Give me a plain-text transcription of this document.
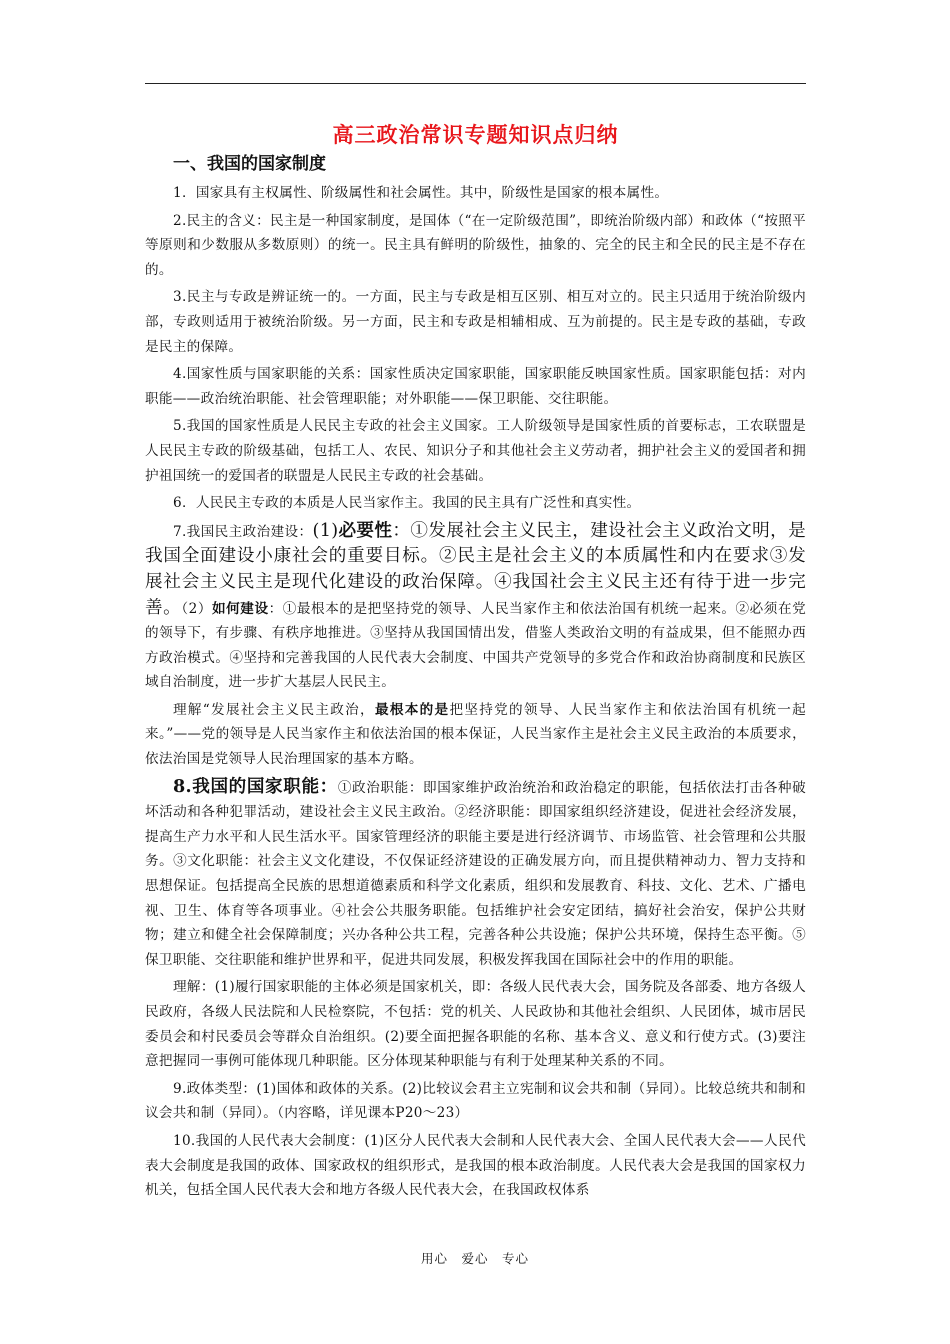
高三政治常识专题知识点归纳
一、我国的国家制度

1．国家具有主权属性、阶级属性和社会属性。其中，阶级性是国家的根本属性。

2.民主的含义：民主是一种国家制度，是国体（“在一定阶级范围”，即统治阶级内部）和政体（“按照平等原则和少数服从多数原则）的统一。民主具有鲜明的阶级性，抽象的、完全的民主和全民的民主是不存在的。

3.民主与专政是辨证统一的。一方面，民主与专政是相互区别、相互对立的。民主只适用于统治阶级内部，专政则适用于被统治阶级。另一方面，民主和专政是相辅相成、互为前提的。民主是专政的基础，专政是民主的保障。

4.国家性质与国家职能的关系：国家性质决定国家职能，国家职能反映国家性质。国家职能包括：对内职能——政治统治职能、社会管理职能；对外职能——保卫职能、交往职能。

5.我国的国家性质是人民民主专政的社会主义国家。工人阶级领导是国家性质的首要标志，工农联盟是人民民主专政的阶级基础，包括工人、农民、知识分子和其他社会主义劳动者，拥护社会主义的爱国者和拥护祖国统一的爱国者的联盟是人民民主专政的社会基础。

6．人民民主专政的本质是人民当家作主。我国的民主具有广泛性和真实性。

7.我国民主政治建设：(1)必要性：①发展社会主义民主，建设社会主义政治文明，是我国全面建设小康社会的重要目标。②民主是社会主义的本质属性和内在要求③发展社会主义民主是现代化建设的政治保障。④我国社会主义民主还有待于进一步完善。（2）如何建设：①最根本的是把坚持党的领导、人民当家作主和依法治国有机统一起来。②必须在党的领导下，有步骤、有秩序地推进。③坚持从我国国情出发，借鉴人类政治文明的有益成果，但不能照办西方政治模式。④坚持和完善我国的人民代表大会制度、中国共产党领导的多党合作和政治协商制度和民族区域自治制度，进一步扩大基层人民民主。

理解“发展社会主义民主政治，最根本的是把坚持党的领导、人民当家作主和依法治国有机统一起来。”——党的领导是人民当家作主和依法治国的根本保证，人民当家作主是社会主义民主政治的本质要求，依法治国是党领导人民治理国家的基本方略。

8.我国的国家职能：①政治职能：即国家维护政治统治和政治稳定的职能，包括依法打击各种破坏活动和各种犯罪活动，建设社会主义民主政治。②经济职能：即国家组织经济建设，促进社会经济发展，提高生产力水平和人民生活水平。国家管理经济的职能主要是进行经济调节、市场监管、社会管理和公共服务。③文化职能：社会主义文化建设，不仅保证经济建设的正确发展方向，而且提供精神动力、智力支持和思想保证。包括提高全民族的思想道德素质和科学文化素质，组织和发展教育、科技、文化、艺术、广播电视、卫生、体育等各项事业。④社会公共服务职能。包括维护社会安定团结，搞好社会治安，保护公共财物；建立和健全社会保障制度；兴办各种公共工程，完善各种公共设施；保护公共环境，保持生态平衡。⑤保卫职能、交往职能和维护世界和平，促进共同发展，积极发挥我国在国际社会中的作用的职能。

理解：(1)履行国家职能的主体必须是国家机关，即：各级人民代表大会，国务院及各部委、地方各级人民政府，各级人民法院和人民检察院，不包括：党的机关、人民政协和其他社会组织、人民团体，城市居民委员会和村民委员会等群众自治组织。(2)要全面把握各职能的名称、基本含义、意义和行使方式。(3)要注意把握同一事例可能体现几种职能。区分体现某种职能与有利于处理某种关系的不同。

9.政体类型：(1)国体和政体的关系。(2)比较议会君主立宪制和议会共和制（异同）。比较总统共和制和议会共和制（异同）。（内容略，详见课本P20～23）

10.我国的人民代表大会制度：(1)区分人民代表大会制和人民代表大会、全国人民代表大会——人民代表大会制度是我国的政体、国家政权的组织形式，是我国的根本政治制度。人民代表大会是我国的国家权力机关，包括全国人民代表大会和地方各级人民代表大会，在我国政权体系

用心　爱心　专心
